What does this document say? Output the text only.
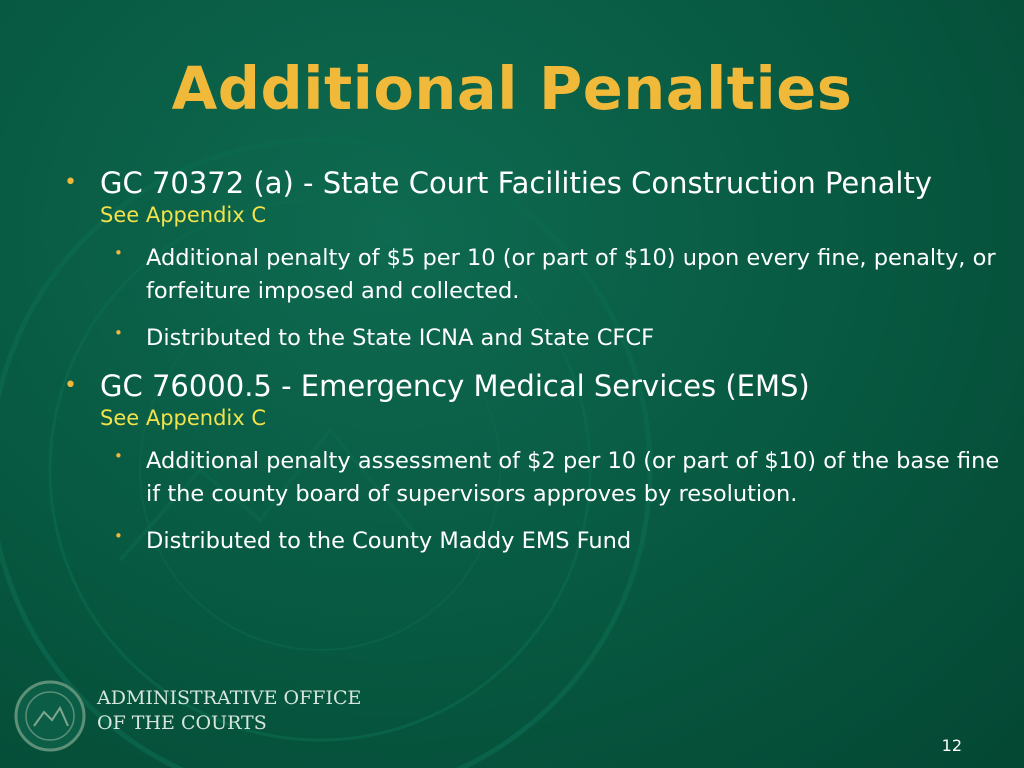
Additional Penalties
• GC 70372 (a) - State Court Facilities Construction Penalty
See Appendix C
• Additional penalty of $5 per 10 (or part of $10) upon every fine, penalty, or forfeiture imposed and collected.
• Distributed to the State ICNA and State CFCF
• GC 76000.5 - Emergency Medical Services (EMS)
See Appendix C
• Additional penalty assessment of $2 per 10 (or part of $10) of the base fine if the county board of supervisors approves by resolution.
• Distributed to the County Maddy EMS Fund
ADMINISTRATIVE OFFICE
OF THE COURTS
12
